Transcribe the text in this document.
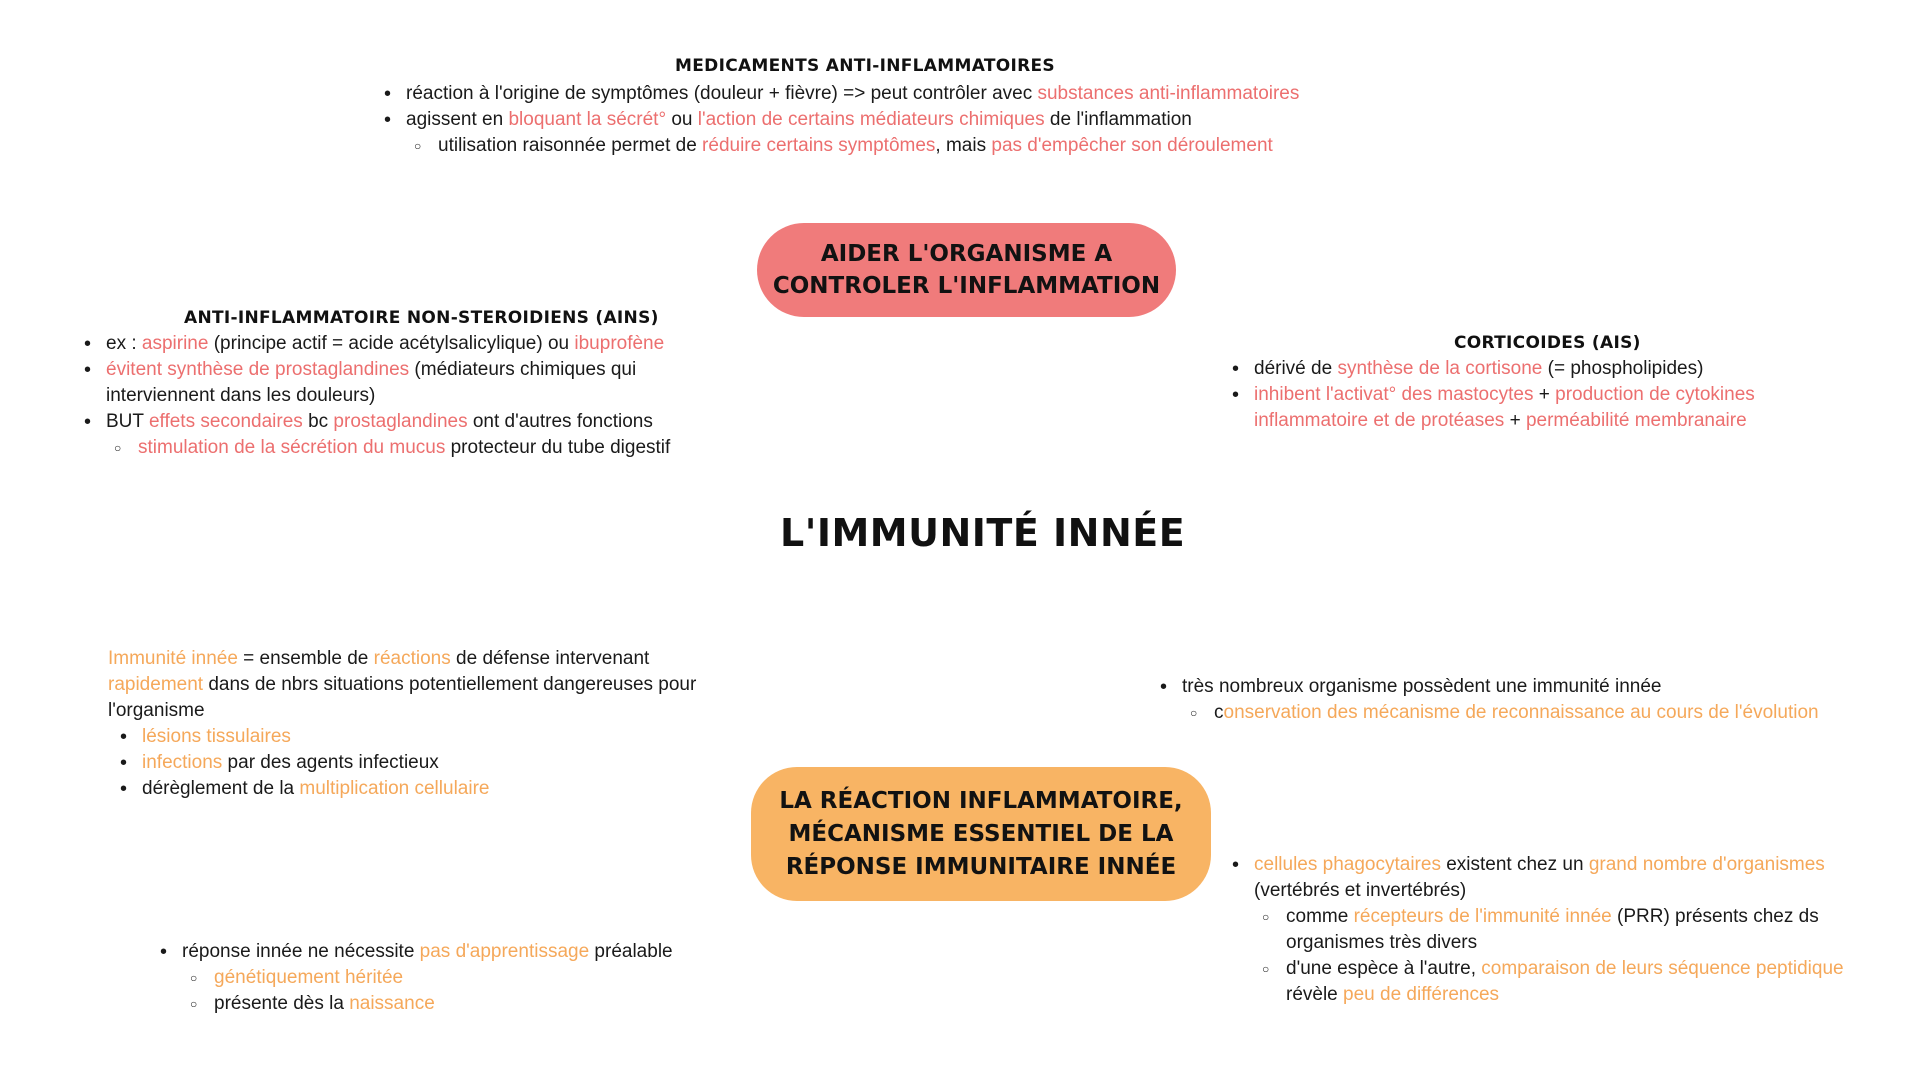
MEDICAMENTS ANTI-INFLAMMATOIRES
• réaction à l'origine de symptômes (douleur + fièvre) => peut contrôler avec substances anti-inflammatoires
• agissent en bloquant la sécrét° ou l'action de certains médiateurs chimiques de l'inflammation
○ utilisation raisonnée permet de réduire certains symptômes, mais pas d'empêcher son déroulement
AIDER L'ORGANISME A
CONTROLER L'INFLAMMATION
ANTI-INFLAMMATOIRE NON-STEROIDIENS (AINS)
• ex : aspirine (principe actif = acide acétylsalicylique) ou ibuprofène
• évitent synthèse de prostaglandines (médiateurs chimiques qui interviennent dans les douleurs)
• BUT effets secondaires bc prostaglandines ont d'autres fonctions
○ stimulation de la sécrétion du mucus protecteur du tube digestif
CORTICOIDES (AIS)
• dérivé de synthèse de la cortisone (= phospholipides)
• inhibent l'activat° des mastocytes + production de cytokines inflammatoire et de protéases + perméabilité membranaire
L'IMMUNITÉ INNÉE
Immunité innée = ensemble de réactions de défense intervenant rapidement dans de nbrs situations potentiellement dangereuses pour l'organisme
• lésions tissulaires
• infections par des agents infectieux
• dérèglement de la multiplication cellulaire
• très nombreux organisme possèdent une immunité innée
○ conservation des mécanisme de reconnaissance au cours de l'évolution
LA RÉACTION INFLAMMATOIRE,
MÉCANISME ESSENTIEL DE LA
RÉPONSE IMMUNITAIRE INNÉE
•	cellules phagocytaires existent chez un grand nombre d'organismes (vertébrés et invertébrés)
○ comme récepteurs de l'immunité innée (PRR) présents chez ds organismes très divers
○ d'une espèce à l'autre, comparaison de leurs séquence peptidique révèle peu de différences
• réponse innée ne nécessite pas d'apprentissage préalable
○ génétiquement héritée
○ présente dès la naissance
